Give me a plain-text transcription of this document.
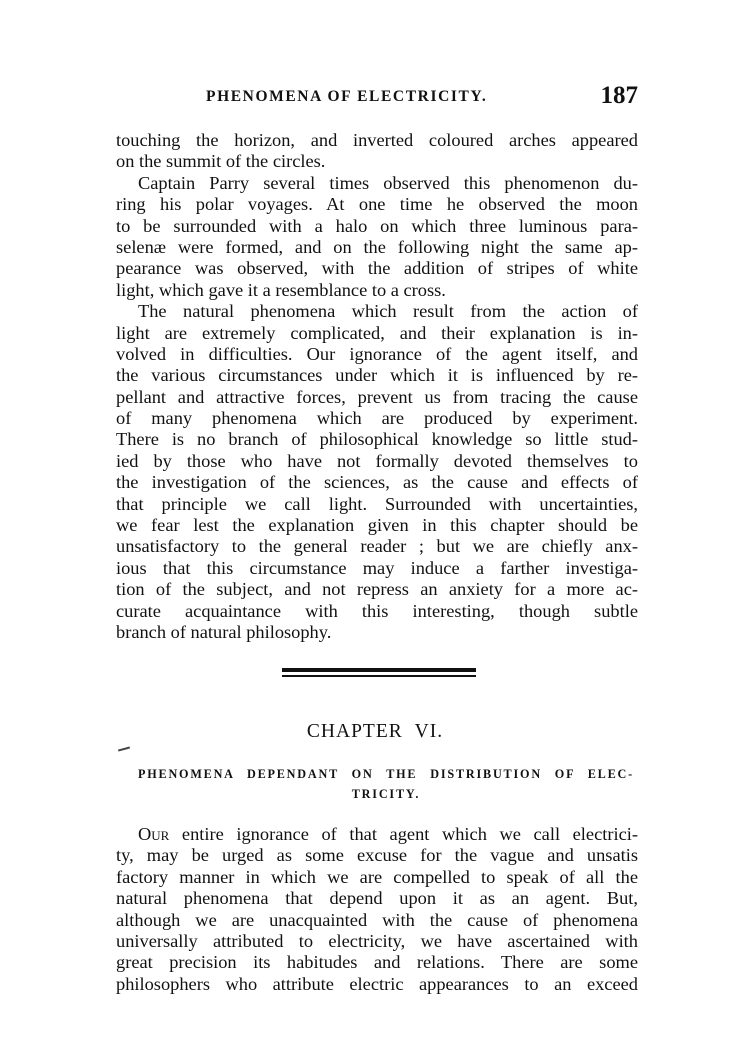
PHENOMENA OF ELECTRICITY.	187
touching the horizon, and inverted coloured arches appeared
on the summit of the circles.
Captain Parry several times observed this phenomenon du-
ring his polar voyages. At one time he observed the moon
to be surrounded with a halo on which three luminous para-
selenæ were formed, and on the following night the same ap-
pearance was observed, with the addition of stripes of white
light, which gave it a resemblance to a cross.
The natural phenomena which result from the action of
light are extremely complicated, and their explanation is in-
volved in difficulties. Our ignorance of the agent itself, and
the various circumstances under which it is influenced by re-
pellant and attractive forces, prevent us from tracing the cause
of many phenomena which are produced by experiment.
There is no branch of philosophical knowledge so little stud-
ied by those who have not formally devoted themselves to
the investigation of the sciences, as the cause and effects of
that principle we call light. Surrounded with uncertainties,
we fear lest the explanation given in this chapter should be
unsatisfactory to the general reader ; but we are chiefly anx-
ious that this circumstance may induce a farther investiga-
tion of the subject, and not repress an anxiety for a more ac-
curate acquaintance with this interesting, though subtle
branch of natural philosophy.
CHAPTER VI.
PHENOMENA DEPENDANT ON THE DISTRIBUTION OF ELEC-
TRICITY.
Our entire ignorance of that agent which we call electrici-
ty, may be urged as some excuse for the vague and unsatis
factory manner in which we are compelled to speak of all the
natural phenomena that depend upon it as an agent. But,
although we are unacquainted with the cause of phenomena
universally attributed to electricity, we have ascertained with
great precision its habitudes and relations. There are some
philosophers who attribute electric appearances to an exceed
